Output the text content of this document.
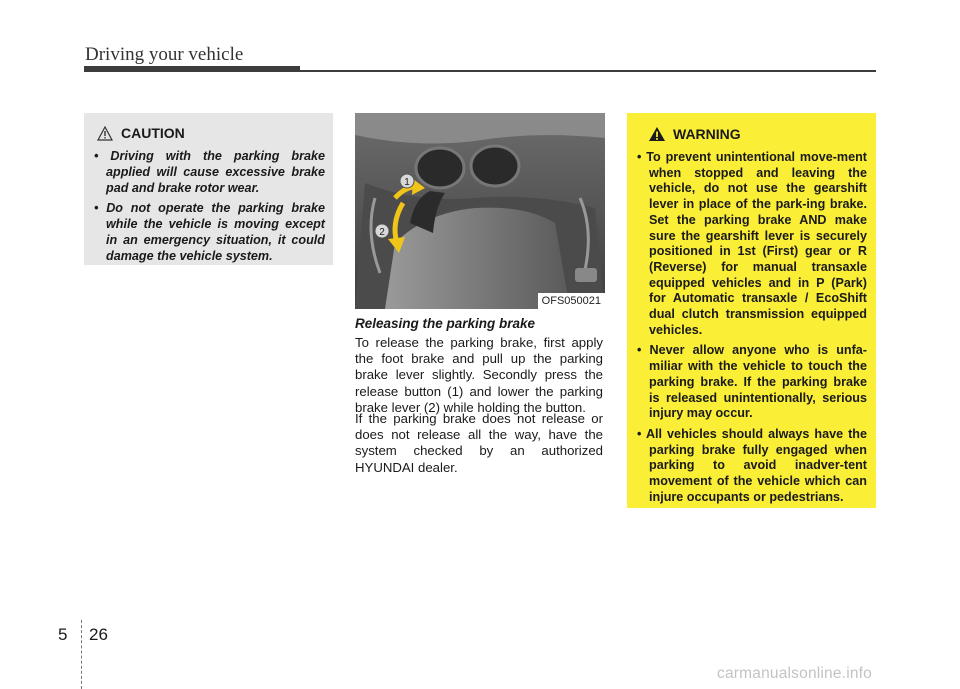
Driving your vehicle
CAUTION
• Driving with the parking brake applied will cause excessive brake pad and brake rotor wear.
• Do not operate the parking brake while the vehicle is moving except in an emergency situation, it could damage the vehicle system.
1
2
OFS050021
Releasing the parking brake

To release the parking brake, first apply the foot brake and pull up the parking brake lever slightly. Secondly press the release button (1) and lower the parking brake lever (2) while holding the button.

If the parking brake does not release or does not release all the way, have the system checked by an authorized HYUNDAI dealer.

WARNING
• To prevent unintentional move-ment when stopped and leaving the vehicle, do not use the gearshift lever in place of the park-ing brake. Set the parking brake AND make sure the gearshift lever is securely positioned in 1st (First) gear or R (Reverse) for manual transaxle equipped vehicles and in P (Park) for Automatic transaxle / EcoShift dual clutch transmission equipped vehicles.
• Never allow anyone who is unfa-miliar with the vehicle to touch the parking brake. If the parking brake is released unintentionally, serious injury may occur.
• All vehicles should always have the parking brake fully engaged when parking to avoid inadver-tent movement of the vehicle which can injure occupants or pedestrians.
5 26
carmanualsonline.info
